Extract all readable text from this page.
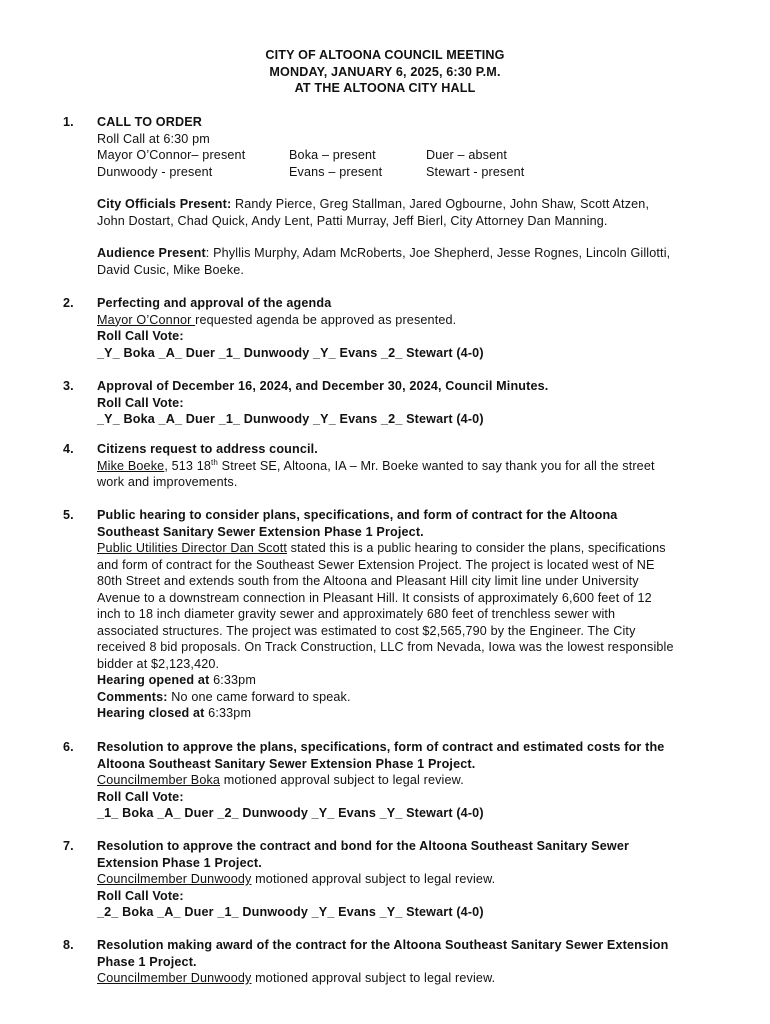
CITY OF ALTOONA COUNCIL MEETING
MONDAY, JANUARY 6, 2025, 6:30 P.M.
AT THE ALTOONA CITY HALL
1. CALL TO ORDER
Roll Call at 6:30 pm
Mayor O’Connor– present	Boka – present	Duer – absent
Dunwoody - present	Evans – present	Stewart - present
City Officials Present: Randy Pierce, Greg Stallman, Jared Ogbourne, John Shaw, Scott Atzen,
John Dostart, Chad Quick, Andy Lent, Patti Murray, Jeff Bierl, City Attorney Dan Manning.
Audience Present: Phyllis Murphy, Adam McRoberts, Joe Shepherd, Jesse Rognes, Lincoln Gillotti,
David Cusic, Mike Boeke.
2. Perfecting and approval of the agenda
Mayor O’Connor requested agenda be approved as presented.
Roll Call Vote:
_Y_ Boka _A_ Duer _1_ Dunwoody _Y_ Evans _2_ Stewart (4-0)
3. Approval of December 16, 2024, and December 30, 2024, Council Minutes.
Roll Call Vote:
_Y_ Boka _A_ Duer _1_ Dunwoody _Y_ Evans _2_ Stewart (4-0)
4. Citizens request to address council.
Mike Boeke, 513 18th Street SE, Altoona, IA – Mr. Boeke wanted to say thank you for all the street
work and improvements.
5. Public hearing to consider plans, specifications, and form of contract for the Altoona
Southeast Sanitary Sewer Extension Phase 1 Project.
Public Utilities Director Dan Scott stated this is a public hearing to consider the plans, specifications
and form of contract for the Southeast Sewer Extension Project. The project is located west of NE
80th Street and extends south from the Altoona and Pleasant Hill city limit line under University
Avenue to a downstream connection in Pleasant Hill. It consists of approximately 6,600 feet of 12
inch to 18 inch diameter gravity sewer and approximately 680 feet of trenchless sewer with
associated structures. The project was estimated to cost $2,565,790 by the Engineer. The City
received 8 bid proposals. On Track Construction, LLC from Nevada, Iowa was the lowest responsible
bidder at $2,123,420.
Hearing opened at 6:33pm
Comments: No one came forward to speak.
Hearing closed at 6:33pm
6. Resolution to approve the plans, specifications, form of contract and estimated costs for the
Altoona Southeast Sanitary Sewer Extension Phase 1 Project.
Councilmember Boka motioned approval subject to legal review.
Roll Call Vote:
_1_ Boka _A_ Duer _2_ Dunwoody _Y_ Evans _Y_ Stewart (4-0)
7. Resolution to approve the contract and bond for the Altoona Southeast Sanitary Sewer
Extension Phase 1 Project.
Councilmember Dunwoody motioned approval subject to legal review.
Roll Call Vote:
_2_ Boka _A_ Duer _1_ Dunwoody _Y_ Evans _Y_ Stewart (4-0)
8. Resolution making award of the contract for the Altoona Southeast Sanitary Sewer Extension
Phase 1 Project.
Councilmember Dunwoody motioned approval subject to legal review.
